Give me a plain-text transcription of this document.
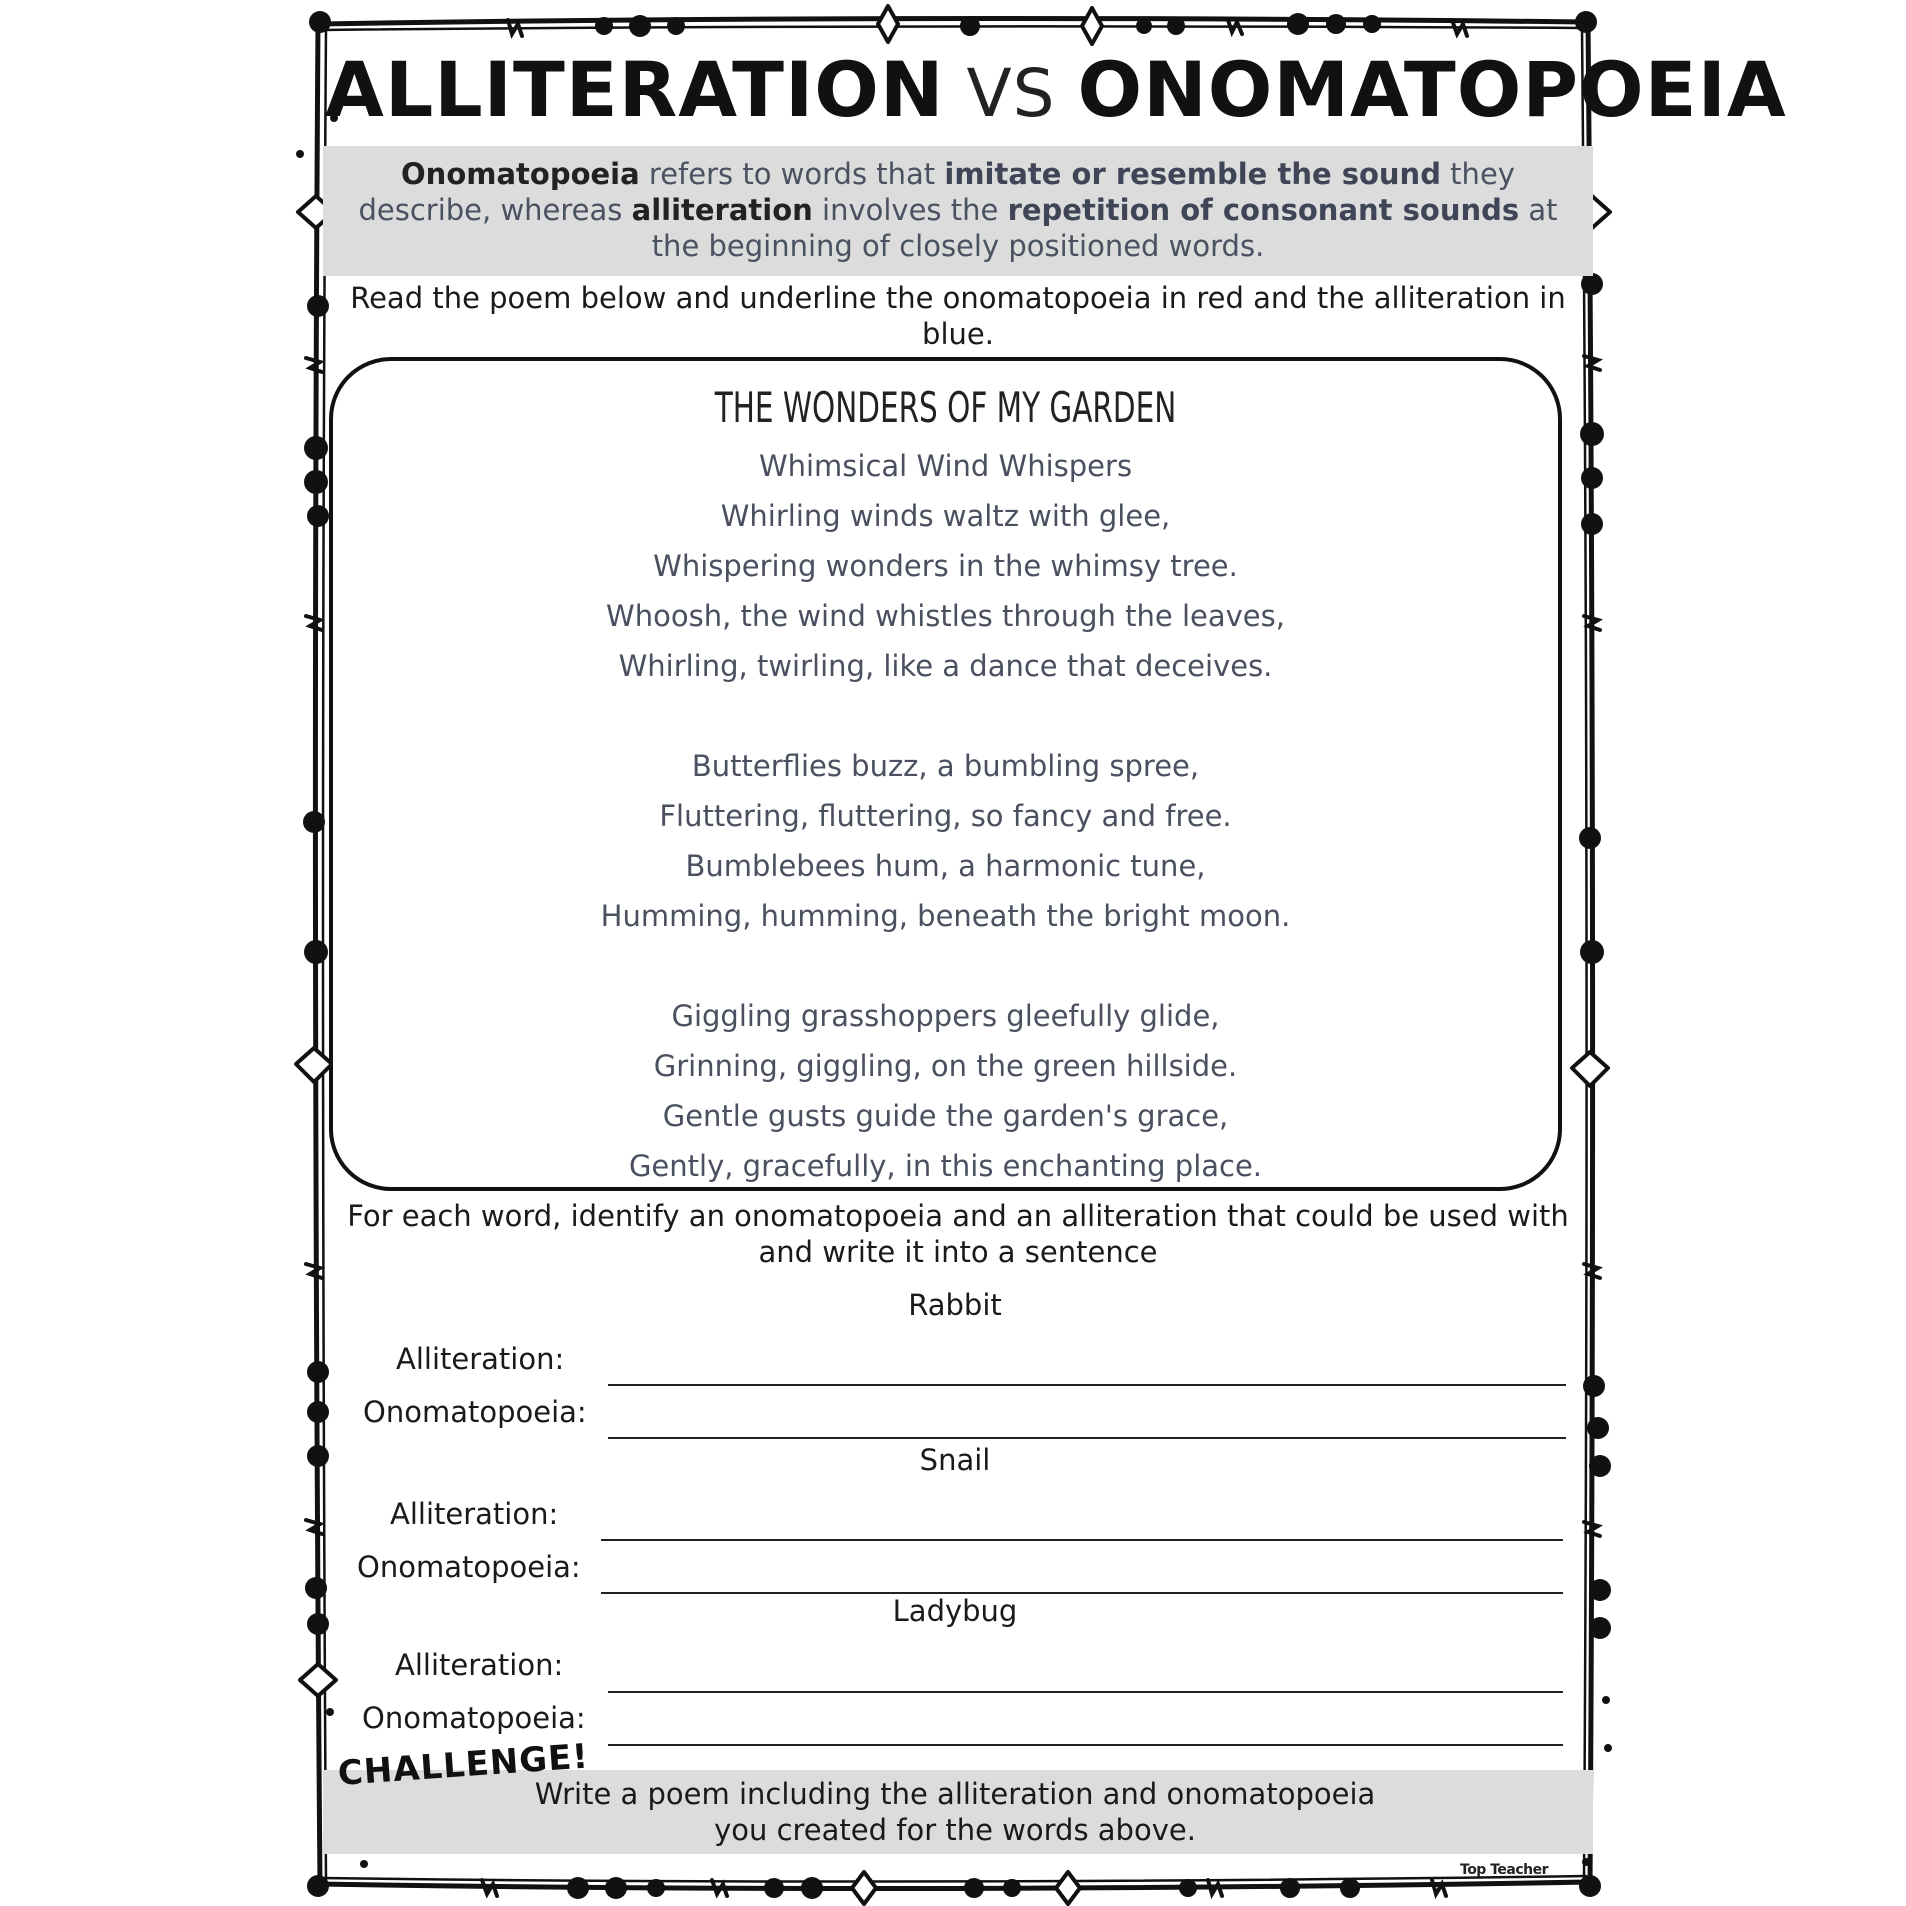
ALLITERATION VS ONOMATOPOEIA
Onomatopoeia refers to words that imitate or resemble the sound they describe, whereas alliteration involves the repetition of consonant sounds at the beginning of closely positioned words.
Read the poem below and underline the onomatopoeia in red and the alliteration in
blue.
THE WONDERS OF MY GARDEN
Whimsical Wind Whispers
Whirling winds waltz with glee,
Whispering wonders in the whimsy tree.
Whoosh, the wind whistles through the leaves,
Whirling, twirling, like a dance that deceives.
Butterflies buzz, a bumbling spree,
Fluttering, fluttering, so fancy and free.
Bumblebees hum, a harmonic tune,
Humming, humming, beneath the bright moon.
Giggling grasshoppers gleefully glide,
Grinning, giggling, on the green hillside.
Gentle gusts guide the garden's grace,
Gently, gracefully, in this enchanting place.
For each word, identify an onomatopoeia and an alliteration that could be used with
and write it into a sentence
Rabbit
Alliteration:
Onomatopoeia:
Snail
Alliteration:
Onomatopoeia:
Ladybug
Alliteration:
Onomatopoeia:
CHALLENGE!
Write a poem including the alliteration and onomatopoeia
you created for the words above.
Top Teacher
